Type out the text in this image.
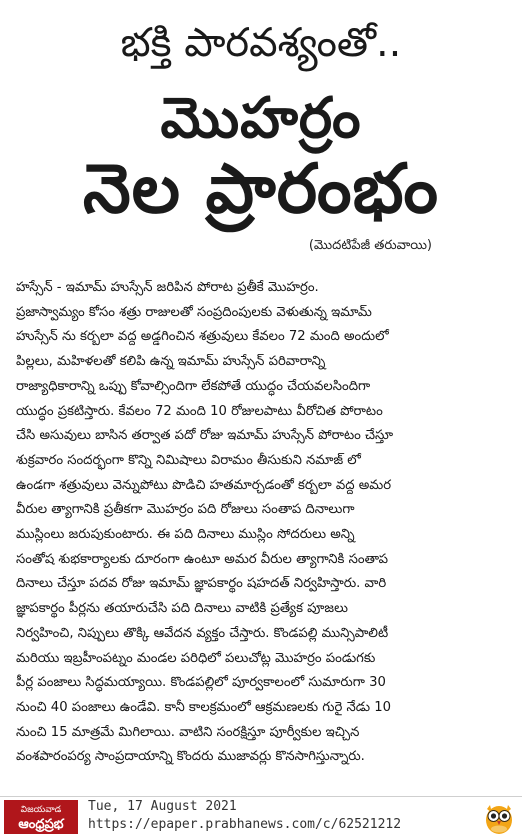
భక్తి పారవశ్యంతో..
మొహర్రం
నెల ప్రారంభం
(మొదటిపేజీ తరువాయి)
హస్సేన్ - ఇమామ్ హుస్సేన్ జరిపిన పోరాట ప్రతీకే మొహర్రం.
ప్రజాస్వామ్యం కోసం శత్రు రాజులతో సంప్రదింపులకు వెళుతున్న ఇమామ్
హుస్సేన్ ను కర్బలా వద్ద అడ్డగించిన శత్రువులు కేవలం 72 మంది అందులో
పిల్లలు, మహిళలతో కలిపి ఉన్న ఇమామ్ హుస్సేన్ పరివారాన్ని
రాజ్యాధికారాన్ని ఒప్పు కోవాల్సిందిగా లేకపోతే యుద్ధం చేయవలసిందిగా
యుద్ధం ప్రకటిస్తారు. కేవలం 72 మంది 10 రోజులపాటు వీరోచిత పోరాటం
చేసి అసువులు బాసిన తర్వాత పదో రోజు ఇమామ్ హుస్సేన్ పోరాటం చేస్తూ
శుక్రవారం సందర్భంగా కొన్ని నిమిషాలు విరామం తీసుకుని నమాజ్ లో
ఉండగా శత్రువులు వెన్నుపోటు పొడిచి హతమార్చడంతో కర్బలా వద్ద అమర
వీరుల త్యాగానికి ప్రతీకగా మొహర్రం పది రోజులు సంతాప దినాలుగా
ముస్లింలు జరుపుకుంటారు. ఈ పది దినాలు ముస్లిం సోదరులు అన్ని
సంతోష శుభకార్యాలకు దూరంగా ఉంటూ అమర వీరుల త్యాగానికి సంతాప
దినాలు చేస్తూ పదవ రోజు ఇమామ్ జ్ఞాపకార్థం షహదత్ నిర్వహిస్తారు. వారి
జ్ఞాపకార్థం పీర్లను తయారుచేసి పది దినాలు వాటికి ప్రత్యేక పూజలు
నిర్వహించి, నిప్పులు తొక్కి ఆవేదన వ్యక్తం చేస్తారు. కొండపల్లి మున్సిపాలిటీ
మరియు ఇబ్రహీంపట్నం మండల పరిధిలో పలుచోట్ల మొహర్రం పండుగకు
పీర్ల పంజాలు సిద్ధమయ్యాయి. కొండపల్లిలో పూర్వకాలంలో సుమారుగా 30
నుంచి 40 పంజాలు ఉండేవి. కానీ కాలక్రమంలో ఆక్రమణలకు గురై నేడు 10
నుంచి 15 మాత్రమే మిగిలాయి. వాటిని సంరక్షిస్తూ పూర్వీకుల ఇచ్చిన
వంశపారంపర్య సాంప్రదాయాన్ని కొందరు ముజావర్లు కొనసాగిస్తున్నారు.
విజయవాడ
ఆంధ్రప్రభ
Tue, 17 August 2021
https://epaper.prabhanews.com/c/62521212
